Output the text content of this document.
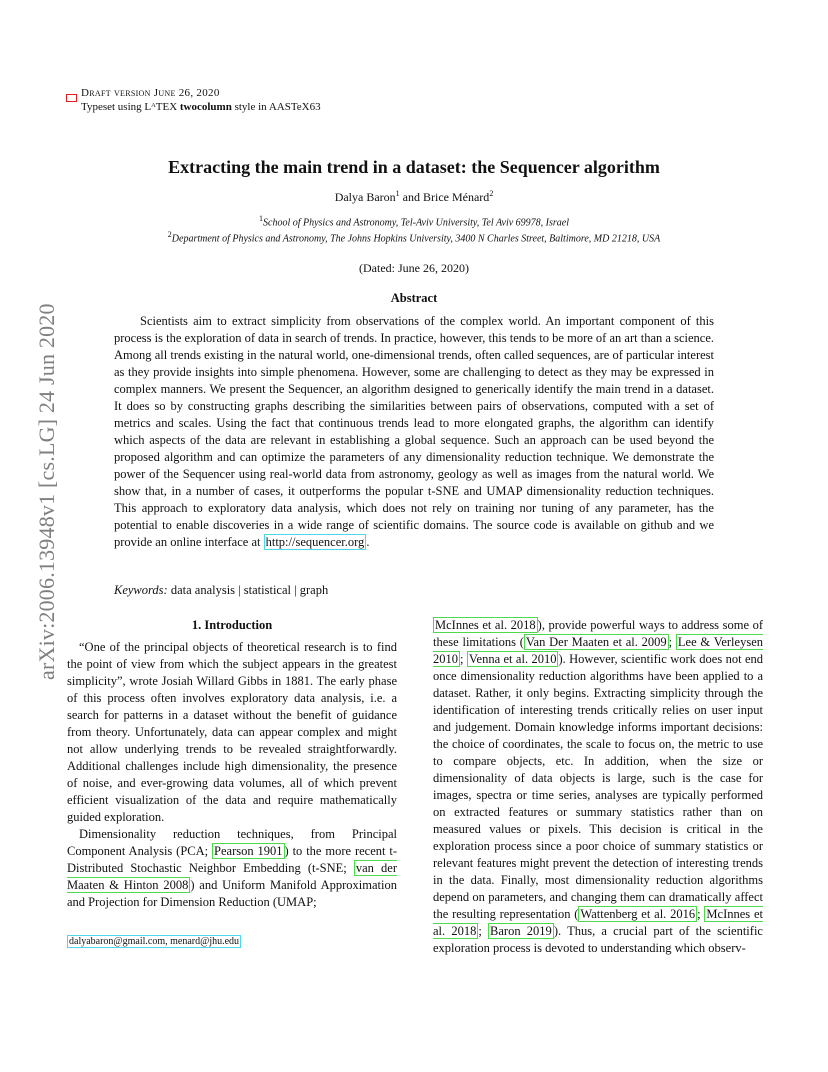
arXiv:2006.13948v1 [cs.LG] 24 Jun 2020
Draft version June 26, 2020
Typeset using LᴬTEX twocolumn style in AASTeX63
Extracting the main trend in a dataset: the Sequencer algorithm
Dalya Baron$^1$ and Brice Ménard$^2$
$^1$School of Physics and Astronomy, Tel-Aviv University, Tel Aviv 69978, Israel
$^2$Department of Physics and Astronomy, The Johns Hopkins University, 3400 N Charles Street, Baltimore, MD 21218, USA
(Dated: June 26, 2020)
Abstract
Scientists aim to extract simplicity from observations of the complex world. An important component of this process is the exploration of data in search of trends. In practice, however, this tends to be more of an art than a science. Among all trends existing in the natural world, one-dimensional trends, often called sequences, are of particular interest as they provide insights into simple phenomena. However, some are challenging to detect as they may be expressed in complex manners. We present the Sequencer, an algorithm designed to generically identify the main trend in a dataset. It does so by constructing graphs describing the similarities between pairs of observations, computed with a set of metrics and scales. Using the fact that continuous trends lead to more elongated graphs, the algorithm can identify which aspects of the data are relevant in establishing a global sequence. Such an approach can be used beyond the proposed algorithm and can optimize the parameters of any dimensionality reduction technique. We demonstrate the power of the Sequencer using real-world data from astronomy, geology as well as images from the natural world. We show that, in a number of cases, it outperforms the popular t-SNE and UMAP dimensionality reduction techniques. This approach to exploratory data analysis, which does not rely on training nor tuning of any parameter, has the potential to enable discoveries in a wide range of scientific domains. The source code is available on github and we provide an online interface at http://sequencer.org .
Keywords: data analysis | statistical | graph
1. Introduction

“One of the principal objects of theoretical research is to find the point of view from which the subject appears in the greatest simplicity”, wrote Josiah Willard Gibbs in 1881. The early phase of this process often involves exploratory data analysis, i.e. a search for patterns in a dataset without the benefit of guidance from theory. Unfortunately, data can appear complex and might not allow underlying trends to be revealed straightforwardly. Additional challenges include high dimensionality, the presence of noise, and ever-growing data volumes, all of which prevent efficient visualization of the data and require mathematically guided exploration.

Dimensionality reduction techniques, from Principal Component Analysis (PCA; Pearson 1901 ) to the more recent t-Distributed Stochastic Neighbor Embedding (t-SNE; van der Maaten & Hinton 2008 ) and Uniform Manifold Approximation and Projection for Dimension Reduction (UMAP;

McInnes et al. 2018 ), provide powerful ways to address some of these limitations ( Van Der Maaten et al. 2009 ; Lee & Verleysen 2010 ; Venna et al. 2010 ). However, scientific work does not end once dimensionality reduction algorithms have been applied to a dataset. Rather, it only begins. Extracting simplicity through the identification of interesting trends critically relies on user input and judgement. Domain knowledge informs important decisions: the choice of coordinates, the scale to focus on, the metric to use to compare objects, etc. In addition, when the size or dimensionality of data objects is large, such is the case for images, spectra or time series, analyses are typically performed on extracted features or summary statistics rather than on measured values or pixels. This decision is critical in the exploration process since a poor choice of summary statistics or relevant features might prevent the detection of interesting trends in the data. Finally, most dimensionality reduction algorithms depend on parameters, and changing them can dramatically affect the resulting representation ( Wattenberg et al. 2016 ; McInnes et al. 2018 ; Baron 2019 ). Thus, a crucial part of the scientific exploration process is devoted to understanding which observ-

dalyabaron@gmail.com, menard@jhu.edu
